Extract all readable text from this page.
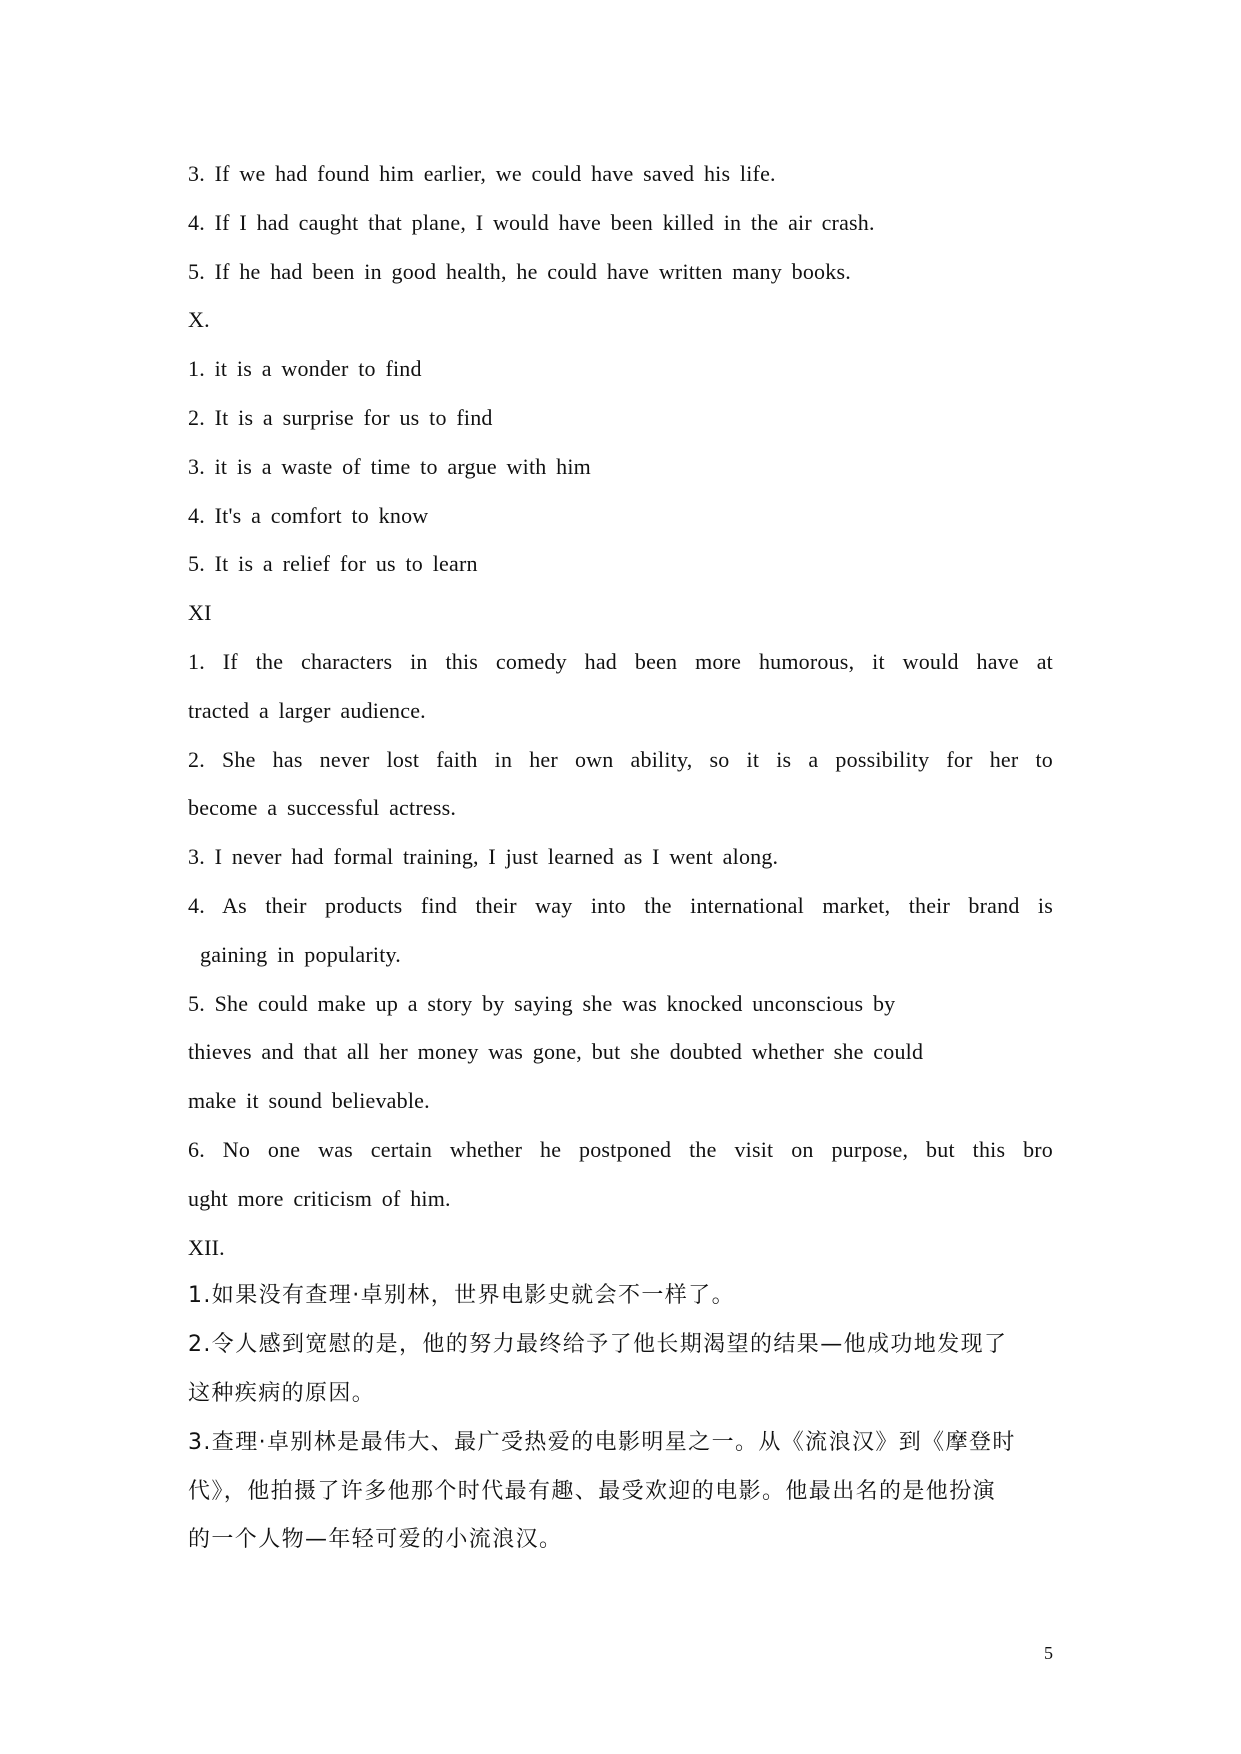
3. If we had found him earlier, we could have saved his life.
4. If I had caught that plane, I would have been killed in the air crash.
5. If he had been in good health, he could have written many books.
X.
1. it is a wonder to find
2. It is a surprise for us to find
3. it is a waste of time to argue with him
4. It's a comfort to know
5. It is a relief for us to learn
XI
1. If the characters in this comedy had been more humorous, it would have at
tracted a larger audience.
2. She has never lost faith in her own ability, so it is a possibility for her to
become a successful actress.
3. I never had formal training, I just learned as I went along.
4. As their products find their way into the international market, their brand is
gaining in popularity.
5. She could make up a story by saying she was knocked unconscious by
thieves and that all her money was gone, but she doubted whether she could
make it sound believable.
6. No one was certain whether he postponed the visit on purpose, but this bro
ught more criticism of him.
XII.
1.如果没有查理·卓别林，世界电影史就会不一样了。
2.令人感到宽慰的是，他的努力最终给予了他长期渴望的结果—他成功地发现了
这种疾病的原因。
3.查理·卓别林是最伟大、最广受热爱的电影明星之一。从《流浪汉》到《摩登时
代》，他拍摄了许多他那个时代最有趣、最受欢迎的电影。他最出名的是他扮演
的一个人物—年轻可爱的小流浪汉。
5
